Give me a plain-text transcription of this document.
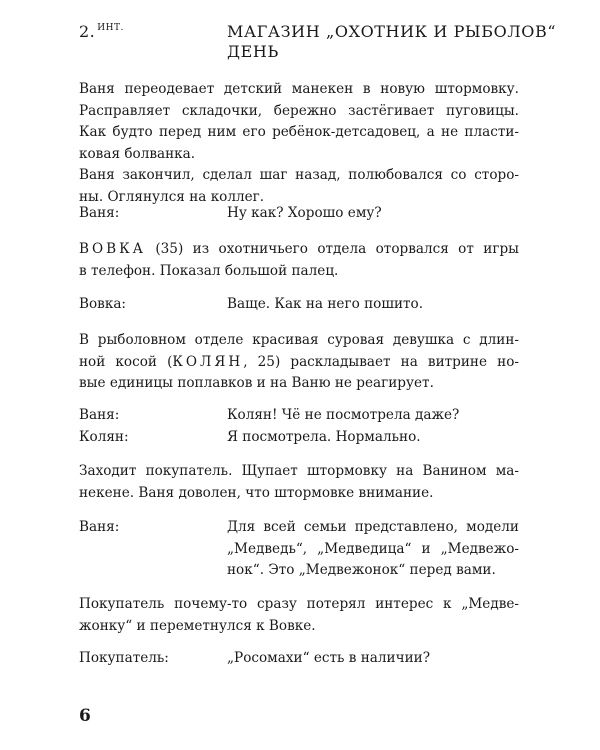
2. $^{ИНТ.}$	МАГАЗИН „ОХОТНИК И РЫБОЛОВ“
ДЕНЬ
Ваня переодевает детский манекен в новую штормовку.
Расправляет складочки, бережно застёгивает пуговицы.
Как будто перед ним его ребёнок-детсадовец, а не пласти-
ковая болванка.
Ваня закончил, сделал шаг назад, полюбовался со сторо-
ны. Оглянулся на коллег.
Ваня:	Ну как? Хорошо ему?
ВОВКА (35) из охотничьего отдела оторвался от игры
в телефон. Показал большой палец.
Вовка:	Ваще. Как на него пошито.
В рыболовном отделе красивая суровая девушка с длин-
ной косой (КОЛЯН, 25) раскладывает на витрине но-
вые единицы поплавков и на Ваню не реагирует.
Ваня:	Колян! Чё не посмотрела даже?
Колян:	Я посмотрела. Нормально.
Заходит покупатель. Щупает штормовку на Ванином ма-
некене. Ваня доволен, что штормовке внимание.
Ваня:	Для всей семьи представлено, модели
„Медведь“, „Медведица“ и „Медвежо-
нок“. Это „Медвежонок“ перед вами.
Покупатель почему-то сразу потерял интерес к „Медве-
жонку“ и переметнулся к Вовке.
Покупатель:	„Росомахи“ есть в наличии?
6
